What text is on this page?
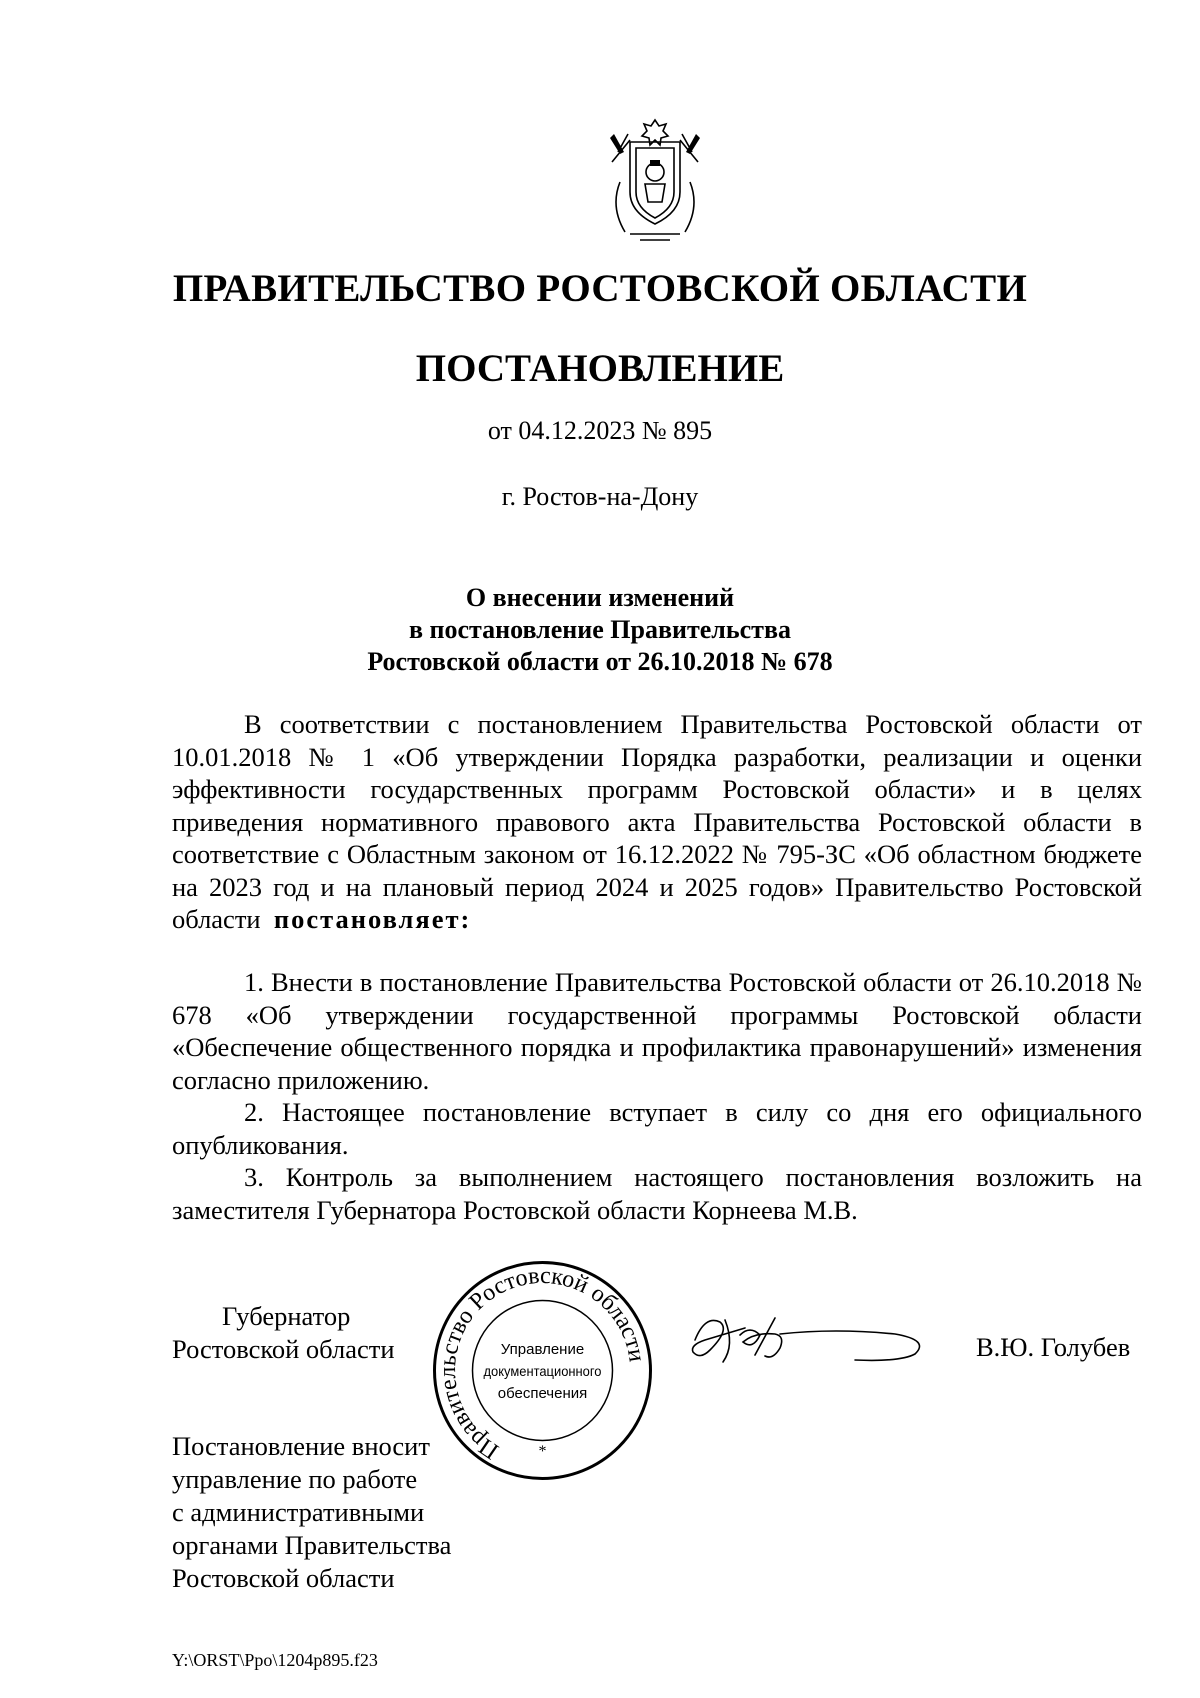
ПРАВИТЕЛЬСТВО РОСТОВСКОЙ ОБЛАСТИ
ПОСТАНОВЛЕНИЕ
от 04.12.2023 № 895
г. Ростов-на-Дону
О внесении изменений
в постановление Правительства
Ростовской области от 26.10.2018 № 678
В соответствии с постановлением Правительства Ростовской области от 10.01.2018 № 1 «Об утверждении Порядка разработки, реализации и оценки эффективности государственных программ Ростовской области» и в целях приведения нормативного правового акта Правительства Ростовской области в соответствие с Областным законом от 16.12.2022 № 795-ЗС «Об областном бюджете на 2023 год и на плановый период 2024 и 2025 годов» Правительство Ростовской области постановляет:
1. Внести в постановление Правительства Ростовской области от 26.10.2018 № 678 «Об утверждении государственной программы Ростовской области «Обеспечение общественного порядка и профилактика правонарушений» изменения согласно приложению.
2. Настоящее постановление вступает в силу со дня его официального опубликования.
3. Контроль за выполнением настоящего постановления возложить на заместителя Губернатора Ростовской области Корнеева М.В.
Губернатор
Ростовской области
Правительство Ростовской области
Управление
документационного
обеспечения
*
В.Ю. Голубев
Постановление вносит
управление по работе
с административными
органами Правительства
Ростовской области
Y:\ORST\Ppo\1204p895.f23
